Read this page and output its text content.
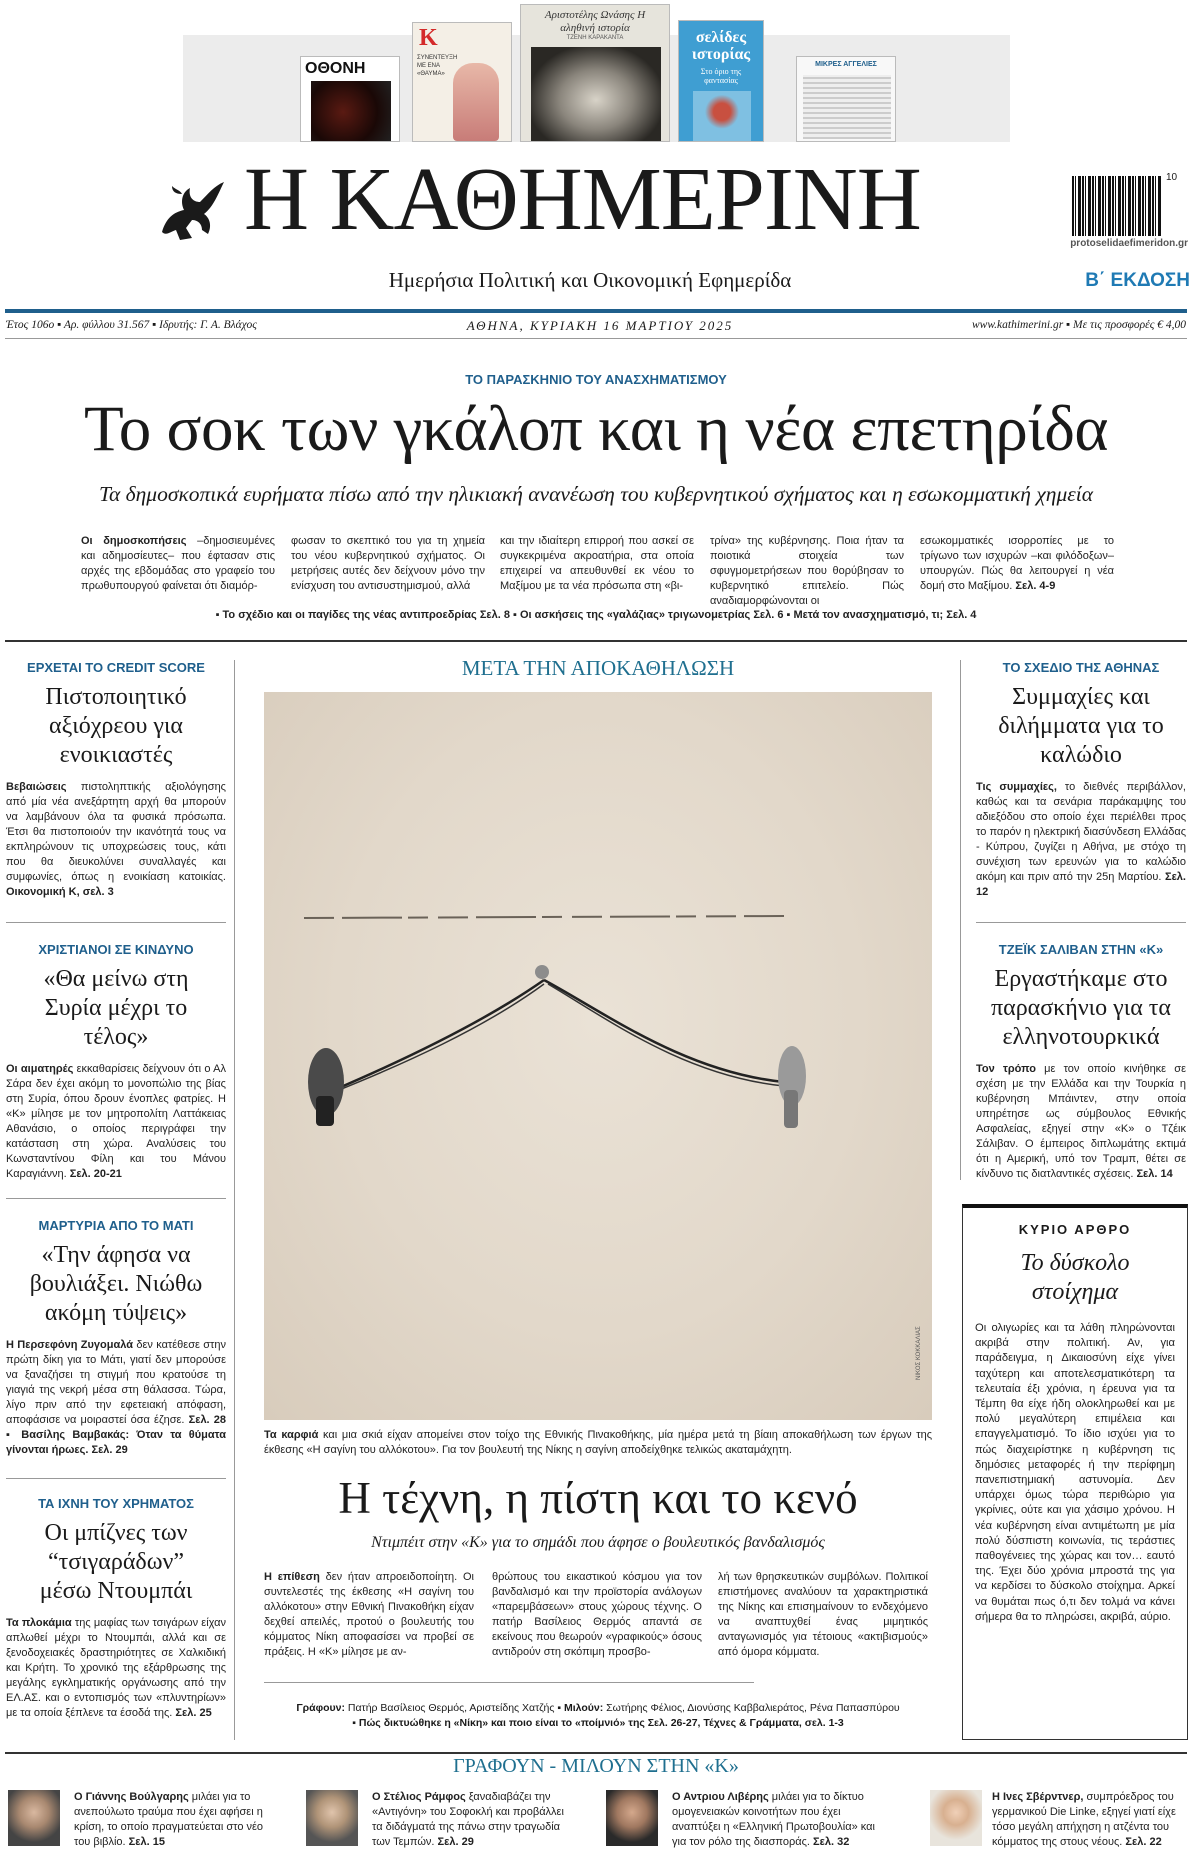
ΟΘΟΝΗ
K
ΣΥΝΕΝΤΕΥΞΗ ΜΕ ΕΝΑ «ΘΑΥΜΑ»
Αριστοτέλης Ωνάσης Η αληθινή ιστορία
ΤΖΕΝΗ ΚΑΡΑΚΑΝΤΑ	σελίδες ιστορίας
Στο όριο της φαντασίας
ΜΙΚΡΕΣ ΑΓΓΕΛΙΕΣ
Η ΚΑΘΗΜΕΡΙΝΗ
Ημερήσια Πολιτική και Οικονομική Εφημερίδα	Β΄ ΕΚΔΟΣΗ
10
protoselidaefimeridon.gr
Έτος 106ο ▪ Αρ. φύλλου 31.567 ▪ Ιδρυτής: Γ. Α. Βλάχος	ΑΘΗΝΑ, ΚΥΡΙΑΚΗ 16 ΜΑΡΤΙΟΥ 2025	www.kathimerini.gr ▪ Με τις προσφορές € 4,00
ΤΟ ΠΑΡΑΣΚΗΝΙΟ ΤΟΥ ΑΝΑΣΧΗΜΑΤΙΣΜΟΥ
Το σοκ των γκάλοπ και η νέα επετηρίδα
Τα δημοσκοπικά ευρήματα πίσω από την ηλικιακή ανανέωση του κυβερνητικού σχήματος και η εσωκομματική χημεία
Οι δημοσκοπήσεις –δημοσιευμένες και αδημοσίευτες– που έφτασαν στις αρχές της εβδομάδας στο γραφείο του πρωθυπουργού φαίνεται ότι διαμόρ-
φωσαν το σκεπτικό του για τη χημεία του νέου κυβερνητικού σχήματος. Οι μετρήσεις αυτές δεν δείχνουν μόνο την ενίσχυση του αντισυστημισμού, αλλά
και την ιδιαίτερη επιρροή που ασκεί σε συγκεκριμένα ακροατήρια, στα οποία επιχειρεί να απευθυνθεί εκ νέου το Μαξίμου με τα νέα πρόσωπα στη «βι-
τρίνα» της κυβέρνησης. Ποια ήταν τα ποιοτικά στοιχεία των σφυγμομετρήσεων που θορύβησαν το κυβερνητικό επιτελείο. Πώς αναδιαμορφώνονται οι
εσωκομματικές ισορροπίες με το τρίγωνο των ισχυρών –και φιλόδοξων– υπουργών. Πώς θα λειτουργεί η νέα δομή στο Μαξίμου. Σελ. 4-9
▪ Το σχέδιο και οι παγίδες της νέας αντιπροεδρίας Σελ. 8 ▪ Οι ασκήσεις της «γαλάζιας» τριγωνομετρίας Σελ. 6 ▪ Μετά τον ανασχηματισμό, τι; Σελ. 4
ΕΡΧΕΤΑΙ ΤΟ CREDIT SCORE
Πιστοποιητικό αξιόχρεου για ενοικιαστές
Βεβαιώσεις πιστοληπτικής αξιολόγησης από μία νέα ανεξάρτητη αρχή θα μπορούν να λαμβάνουν όλα τα φυσικά πρόσωπα. Έτσι θα πιστοποιούν την ικανότητά τους να εκπληρώνουν τις υποχρεώσεις τους, κάτι που θα διευκολύνει συναλλαγές και συμφωνίες, όπως η ενοικίαση κατοικίας. Οικονομική Κ, σελ. 3
ΧΡΙΣΤΙΑΝΟΙ ΣΕ ΚΙΝΔΥΝΟ
«Θα μείνω στη Συρία μέχρι το τέλος»
Οι αιματηρές εκκαθαρίσεις δείχνουν ότι ο Αλ Σάρα δεν έχει ακόμη το μονοπώλιο της βίας στη Συρία, όπου δρουν ένοπλες φατρίες. Η «Κ» μίλησε με τον μητροπολίτη Λαττάκειας Αθανάσιο, ο οποίος περιγράφει την κατάσταση στη χώρα. Αναλύσεις του Κωνσταντίνου Φίλη και του Μάνου Καραγιάννη. Σελ. 20-21
ΜΑΡΤΥΡΙΑ ΑΠΟ ΤΟ ΜΑΤΙ
«Την άφησα να βουλιάξει. Νιώθω ακόμη τύψεις»
Η Περσεφόνη Ζυγομαλά δεν κατέθεσε στην πρώτη δίκη για το Μάτι, γιατί δεν μπορούσε να ξαναζήσει τη στιγμή που κρατούσε τη γιαγιά της νεκρή μέσα στη θάλασσα. Τώρα, λίγο πριν από την εφετειακή απόφαση, αποφάσισε να μοιραστεί όσα έζησε. Σελ. 28 ▪ Βασίλης Βαμβακάς: Όταν τα θύματα γίνονται ήρωες. Σελ. 29
ΤΑ ΙΧΝΗ ΤΟΥ ΧΡΗΜΑΤΟΣ
Οι μπίζνες των “τσιγαράδων” μέσω Ντουμπάι
Τα πλοκάμια της μαφίας των τσιγάρων είχαν απλωθεί μέχρι το Ντουμπάι, αλλά και σε ξενοδοχειακές δραστηριότητες σε Χαλκιδική και Κρήτη. Το χρονικό της εξάρθρωσης της μεγάλης εγκληματικής οργάνωσης από την ΕΛ.ΑΣ. και ο εντοπισμός των «πλυντηρίων» με τα οποία ξέπλενε τα έσοδά της. Σελ. 25
ΜΕΤΑ ΤΗΝ ΑΠΟΚΑΘΗΛΩΣΗ
ΝΙΚΟΣ ΚΟΚΚΑΛΙΑΣ
Τα καρφιά και μια σκιά είχαν απομείνει στον τοίχο της Εθνικής Πινακοθήκης, μία ημέρα μετά τη βίαιη αποκαθήλωση των έργων της έκθεσης «Η σαγίνη του αλλόκοτου». Για τον βουλευτή της Νίκης η σαγίνη αποδείχθηκε τελικώς ακαταμάχητη.
Η τέχνη, η πίστη και το κενό
Ντιμπέιτ στην «Κ» για το σημάδι που άφησε ο βουλευτικός βανδαλισμός
Η επίθεση δεν ήταν απροειδοποίητη. Οι συντελεστές της έκθεσης «Η σαγίνη του αλλόκοτου» στην Εθνική Πινακοθήκη είχαν δεχθεί απειλές, προτού ο βουλευτής του κόμματος Νίκη αποφασίσει να προβεί σε πράξεις. Η «Κ» μίλησε με αν-
θρώπους του εικαστικού κόσμου για τον βανδαλισμό και την προϊστορία ανάλογων «παρεμβάσεων» στους χώρους τέχνης. Ο πατήρ Βασίλειος Θερμός απαντά σε εκείνους που θεωρούν «γραφικούς» όσους αντιδρούν στη σκόπιμη προσβο-
λή των θρησκευτικών συμβόλων. Πολιτικοί επιστήμονες αναλύουν τα χαρακτηριστικά της Νίκης και επισημαίνουν το ενδεχόμενο να αναπτυχθεί ένας μιμητικός ανταγωνισμός για τέτοιους «ακτιβισμούς» από όμορα κόμματα.
Γράφουν: Πατήρ Βασίλειος Θερμός, Αριστείδης Χατζής ▪ Μιλούν: Σωτήρης Φέλιος, Διονύσης Καββαλιεράτος, Ρένα Παπασπύρου
▪ Πώς δικτυώθηκε η «Νίκη» και ποιο είναι το «ποίμνιό» της Σελ. 26-27, Τέχνες & Γράμματα, σελ. 1-3
ΤΟ ΣΧΕΔΙΟ ΤΗΣ ΑΘΗΝΑΣ
Συμμαχίες και διλήμματα για το καλώδιο
Τις συμμαχίες, το διεθνές περιβάλλον, καθώς και τα σενάρια παράκαμψης του αδιεξόδου στο οποίο έχει περιέλθει προς το παρόν η ηλεκτρική διασύνδεση Ελλάδας - Κύπρου, ζυγίζει η Αθήνα, με στόχο τη συνέχιση των ερευνών για το καλώδιο ακόμη και πριν από την 25η Μαρτίου. Σελ. 12
ΤΖΕΪΚ ΣΑΛΙΒΑΝ ΣΤΗΝ «Κ»
Εργαστήκαμε στο παρασκήνιο για τα ελληνοτουρκικά
Τον τρόπο με τον οποίο κινήθηκε σε σχέση με την Ελλάδα και την Τουρκία η κυβέρνηση Μπάιντεν, στην οποία υπηρέτησε ως σύμβουλος Εθνικής Ασφαλείας, εξηγεί στην «Κ» ο Τζέικ Σάλιβαν. Ο έμπειρος διπλωμάτης εκτιμά ότι η Αμερική, υπό τον Τραμπ, θέτει σε κίνδυνο τις διατλαντικές σχέσεις. Σελ. 14
ΚΥΡΙΟ ΑΡΘΡΟ
Το δύσκολο στοίχημα
Οι ολιγωρίες και τα λάθη πληρώνονται ακριβά στην πολιτική. Αν, για παράδειγμα, η Δικαιοσύνη είχε γίνει ταχύτερη και αποτελεσματικότερη τα τελευταία έξι χρόνια, η έρευνα για τα Τέμπη θα είχε ήδη ολοκληρωθεί και με πολύ μεγαλύτερη επιμέλεια και επαγγελματισμό. Το ίδιο ισχύει για το πώς διαχειρίστηκε η κυβέρνηση τις δημόσιες μεταφορές ή την περίφημη πανεπιστημιακή αστυνομία. Δεν υπάρχει όμως τώρα περιθώριο για γκρίνιες, ούτε και για χάσιμο χρόνου. Η νέα κυβέρνηση είναι αντιμέτωπη με μία πολύ δύσπιστη κοινωνία, τις τεράστιες παθογένειες της χώρας και τον… εαυτό της. Έχει δύο χρόνια μπροστά της για να κερδίσει το δύσκολο στοίχημα. Αρκεί να θυμάται πως ό,τι δεν τολμά να κάνει σήμερα θα το πληρώσει, ακριβά, αύριο.
ΓΡΑΦΟΥΝ - ΜΙΛΟΥΝ ΣΤΗΝ «Κ»
Ο Γιάννης Βούλγαρης μιλάει για το ανεπούλωτο τραύμα που έχει αφήσει η κρίση, το οποίο πραγματεύεται στο νέο του βιβλίο. Σελ. 15
Ο Στέλιος Ράμφος ξαναδιαβάζει την «Αντιγόνη» του Σοφοκλή και προβάλλει τα διδάγματά της πάνω στην τραγωδία των Τεμπών. Σελ. 29
Ο Αντριου Λιβέρης μιλάει για το δίκτυο ομογενειακών κοινοτήτων που έχει αναπτύξει η «Ελληνική Πρωτοβουλία» και για τον ρόλο της διασποράς. Σελ. 32
Η Ινες Σβέρντνερ, συμπρόεδρος του γερμανικού Die Linke, εξηγεί γιατί είχε τόσο μεγάλη απήχηση η ατζέντα του κόμματος της στους νέους. Σελ. 22
